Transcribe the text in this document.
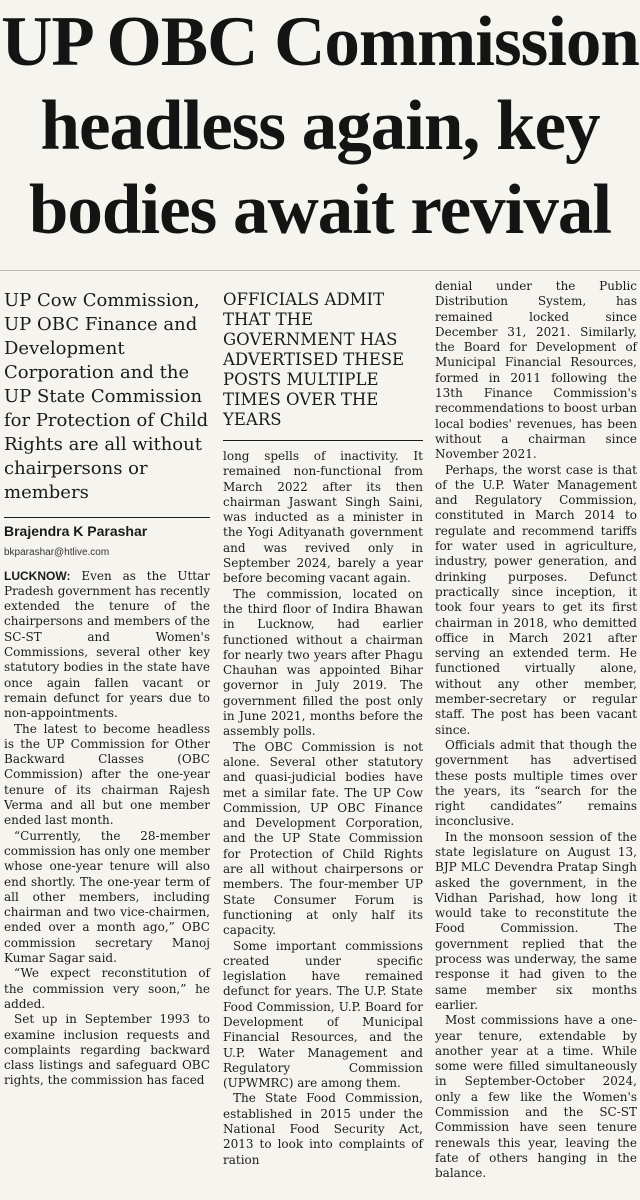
UP OBC Commission
headless again, key
bodies await revival
UP Cow Commission, UP OBC Finance and Development Corporation and the UP State Commission for Protection of Child Rights are all without chairpersons or members
Brajendra K Parashar
bkparashar@htlive.com

LUCKNOW: Even as the Uttar Pradesh government has recently extended the tenure of the chairpersons and members of the SC-ST and Women's Commissions, several other key statutory bodies in the state have once again fallen vacant or remain defunct for years due to non-appointments.

The latest to become headless is the UP Commission for Other Backward Classes (OBC Commission) after the one-year tenure of its chairman Rajesh Verma and all but one member ended last month.

“Currently, the 28-member commission has only one member whose one-year tenure will also end shortly. The one-year term of all other members, including chairman and two vice-chairmen, ended over a month ago,” OBC commission secretary Manoj Kumar Sagar said.

“We expect reconstitution of the commission very soon,” he added.

Set up in September 1993 to examine inclusion requests and complaints regarding backward class listings and safeguard OBC rights, the commission has faced

OFFICIALS ADMIT THAT THE GOVERNMENT HAS ADVERTISED THESE POSTS MULTIPLE TIMES OVER THE YEARS

long spells of inactivity. It remained non-functional from March 2022 after its then chairman Jaswant Singh Saini, was inducted as a minister in the Yogi Adityanath government and was revived only in September 2024, barely a year before becoming vacant again.

The commission, located on the third floor of Indira Bhawan in Lucknow, had earlier functioned without a chairman for nearly two years after Phagu Chauhan was appointed Bihar governor in July 2019. The government filled the post only in June 2021, months before the assembly polls.

The OBC Commission is not alone. Several other statutory and quasi-judicial bodies have met a similar fate. The UP Cow Commission, UP OBC Finance and Development Corporation, and the UP State Commission for Protection of Child Rights are all without chairpersons or members. The four-member UP State Consumer Forum is functioning at only half its capacity.

Some important commissions created under specific legislation have remained defunct for years. The U.P. State Food Commission, U.P. Board for Development of Municipal Financial Resources, and the U.P. Water Management and Regulatory Commission (UPWMRC) are among them.

The State Food Commission, established in 2015 under the National Food Security Act, 2013 to look into complaints of ration

denial under the Public Distribution System, has remained locked since December 31, 2021. Similarly, the Board for Development of Municipal Financial Resources, formed in 2011 following the 13th Finance Commission's recommendations to boost urban local bodies' revenues, has been without a chairman since November 2021.

Perhaps, the worst case is that of the U.P. Water Management and Regulatory Commission, constituted in March 2014 to regulate and recommend tariffs for water used in agriculture, industry, power generation, and drinking purposes. Defunct practically since inception, it took four years to get its first chairman in 2018, who demitted office in March 2021 after serving an extended term. He functioned virtually alone, without any other member, member-secretary or regular staff. The post has been vacant since.

Officials admit that though the government has advertised these posts multiple times over the years, its “search for the right candidates” remains inconclusive.

In the monsoon session of the state legislature on August 13, BJP MLC Devendra Pratap Singh asked the government, in the Vidhan Parishad, how long it would take to reconstitute the Food Commission. The government replied that the process was underway, the same response it had given to the same member six months earlier.

Most commissions have a one-year tenure, extendable by another year at a time. While some were filled simultaneously in September-October 2024, only a few like the Women's Commission and the SC-ST Commission have seen tenure renewals this year, leaving the fate of others hanging in the balance.
